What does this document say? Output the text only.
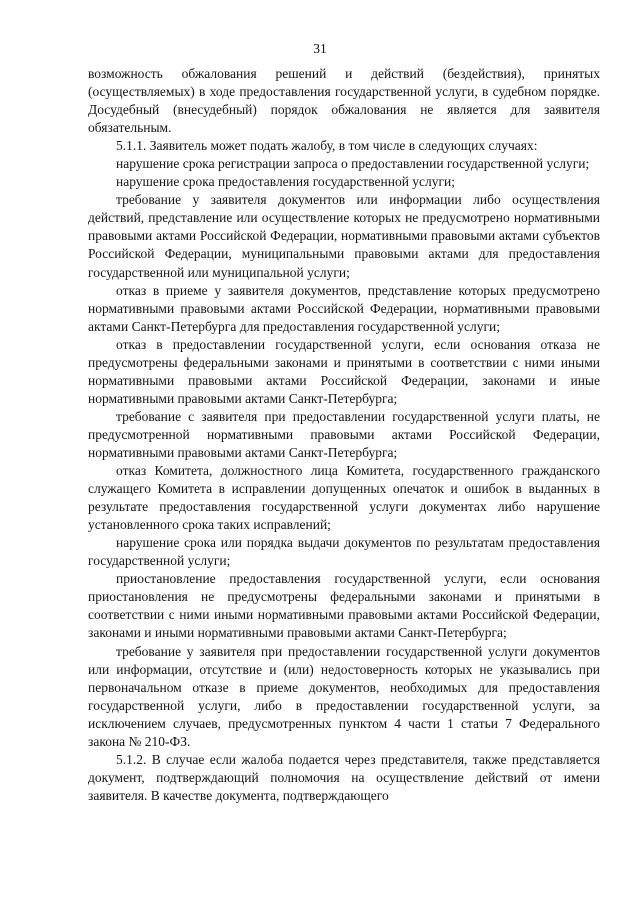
31

возможность обжалования решений и действий (бездействия), принятых (осуществляемых) в ходе предоставления государственной услуги, в судебном порядке. Досудебный (внесудебный) порядок обжалования не является для заявителя обязательным.

5.1.1. Заявитель может подать жалобу, в том числе в следующих случаях:

нарушение срока регистрации запроса о предоставлении государственной услуги;

нарушение срока предоставления государственной услуги;

требование у заявителя документов или информации либо осуществления действий, представление или осуществление которых не предусмотрено нормативными правовыми актами Российской Федерации, нормативными правовыми актами субъектов Российской Федерации, муниципальными правовыми актами для предоставления государственной или муниципальной услуги;

отказ в приеме у заявителя документов, представление которых предусмотрено нормативными правовыми актами Российской Федерации, нормативными правовыми актами Санкт-Петербурга для предоставления государственной услуги;

отказ в предоставлении государственной услуги, если основания отказа не предусмотрены федеральными законами и принятыми в соответствии с ними иными нормативными правовыми актами Российской Федерации, законами и иные нормативными правовыми актами Санкт-Петербурга;

требование с заявителя при предоставлении государственной услуги платы, не предусмотренной нормативными правовыми актами Российской Федерации, нормативными правовыми актами Санкт-Петербурга;

отказ Комитета, должностного лица Комитета, государственного гражданского служащего Комитета в исправлении допущенных опечаток и ошибок в выданных в результате предоставления государственной услуги документах либо нарушение установленного срока таких исправлений;

нарушение срока или порядка выдачи документов по результатам предоставления государственной услуги;

приостановление предоставления государственной услуги, если основания приостановления не предусмотрены федеральными законами и принятыми в соответствии с ними иными нормативными правовыми актами Российской Федерации, законами и иными нормативными правовыми актами Санкт-Петербурга;

требование у заявителя при предоставлении государственной услуги документов или информации, отсутствие и (или) недостоверность которых не указывались при первоначальном отказе в приеме документов, необходимых для предоставления государственной услуги, либо в предоставлении государственной услуги, за исключением случаев, предусмотренных пунктом 4 части 1 статьи 7 Федерального закона № 210-ФЗ.

5.1.2. В случае если жалоба подается через представителя, также представляется документ, подтверждающий полномочия на осуществление действий от имени заявителя. В качестве документа, подтверждающего
